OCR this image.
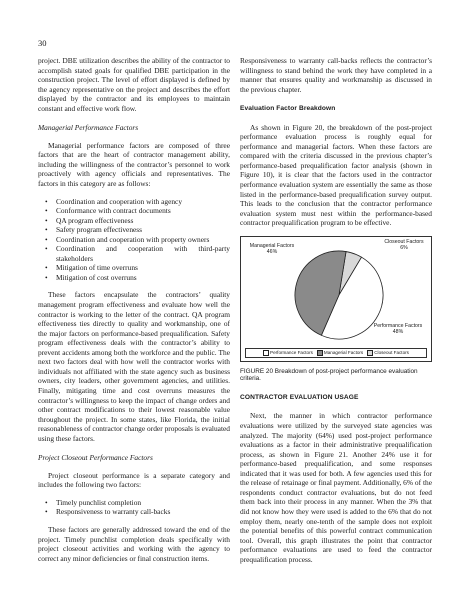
30

project. DBE utilization describes the ability of the contractor to accomplish stated goals for qualified DBE participation in the construction project. The level of effort displayed is defined by the agency representative on the project and describes the effort displayed by the contractor and its employees to maintain constant and effective work flow.

Managerial Performance Factors

Managerial performance factors are composed of three factors that are the heart of contractor management ability, including the willingness of the contractor’s personnel to work proactively with agency officials and representatives. The factors in this category are as follows:

• Coordination and cooperation with agency
• Conformance with contract documents
• QA program effectiveness
• Safety program effectiveness
• Coordination and cooperation with property owners
• Coordination and cooperation with third-party stakeholders
• Mitigation of time overruns
• Mitigation of cost overruns

These factors encapsulate the contractors’ quality management program effectiveness and evaluate how well the contractor is working to the letter of the contract. QA program effectiveness ties directly to quality and workmanship, one of the major factors on performance-based prequalification. Safety program effectiveness deals with the contractor’s ability to prevent accidents among both the workforce and the public. The next two factors deal with how well the contractor works with individuals not affiliated with the state agency such as business owners, city leaders, other government agencies, and utilities. Finally, mitigating time and cost overruns measures the contractor’s willingness to keep the impact of change orders and other contract modifications to their lowest reasonable value throughout the project. In some states, like Florida, the initial reasonableness of contractor change order proposals is evaluated using these factors.

Project Closeout Performance Factors

Project closeout performance is a separate category and includes the following two factors:

• Timely punchlist completion
• Responsiveness to warranty call-backs

These factors are generally addressed toward the end of the project. Timely punchlist completion deals specifically with project closeout activities and working with the agency to correct any minor deficiencies or final construction items.

Responsiveness to warranty call-backs reflects the contractor’s willingness to stand behind the work they have completed in a manner that ensures quality and workmanship as discussed in the previous chapter.

Evaluation Factor Breakdown

As shown in Figure 20, the breakdown of the post-project performance evaluation process is roughly equal for performance and managerial factors. When these factors are compared with the criteria discussed in the previous chapter’s performance-based prequalification factor analysis (shown in Figure 10), it is clear that the factors used in the contractor performance evaluation system are essentially the same as those listed in the performance-based prequalification survey output. This leads to the conclusion that the contractor performance evaluation system must nest within the performance-based contractor prequalification program to be effective.

Managerial Factors
46%
Closeout Factors
6%
Performance Factors
48%
Performance Factors	Managerial Factors	Closeout Factors

FIGURE 20 Breakdown of post-project performance evaluation criteria.

CONTRACTOR EVALUATION USAGE

Next, the manner in which contractor performance evaluations were utilized by the surveyed state agencies was analyzed. The majority (64%) used post-project performance evaluations as a factor in their administrative prequalification process, as shown in Figure 21. Another 24% use it for performance-based prequalification, and some responses indicated that it was used for both. A few agencies used this for the release of retainage or final payment. Additionally, 6% of the respondents conduct contractor evaluations, but do not feed them back into their process in any manner. When the 3% that did not know how they were used is added to the 6% that do not employ them, nearly one-tenth of the sample does not exploit the potential benefits of this powerful contract communication tool. Overall, this graph illustrates the point that contractor performance evaluations are used to feed the contractor prequalification process.
